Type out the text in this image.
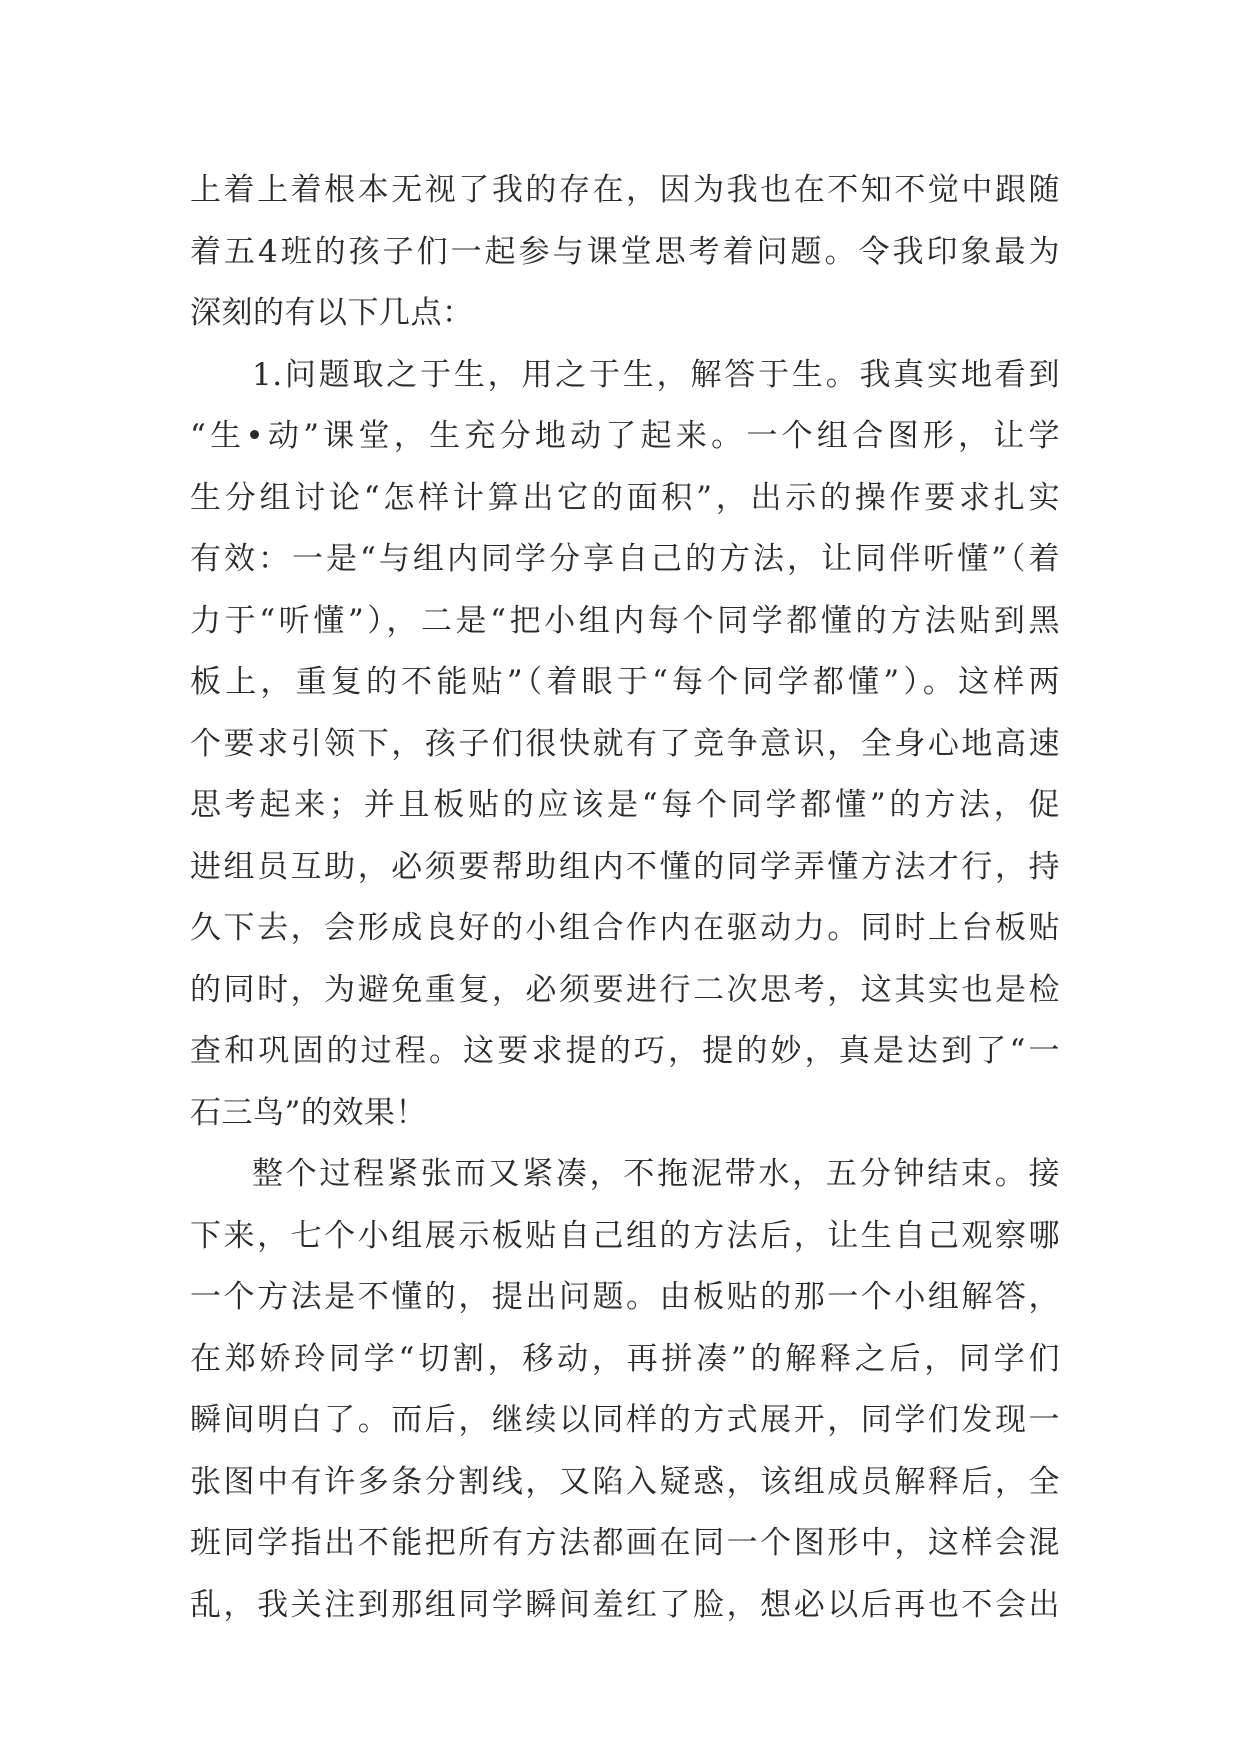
上着上着根本无视了我的存在，因为我也在不知不觉中跟随
着五4班的孩子们一起参与课堂思考着问题。令我印象最为
深刻的有以下几点：
1.问题取之于生，用之于生，解答于生。我真实地看到
“生•动”课堂，生充分地动了起来。一个组合图形，让学
生分组讨论“怎样计算出它的面积”，出示的操作要求扎实
有效：一是“与组内同学分享自己的方法，让同伴听懂”（着
力于“听懂”），二是“把小组内每个同学都懂的方法贴到黑
板上，重复的不能贴”（着眼于“每个同学都懂”）。这样两
个要求引领下，孩子们很快就有了竞争意识，全身心地高速
思考起来；并且板贴的应该是“每个同学都懂”的方法，促
进组员互助，必须要帮助组内不懂的同学弄懂方法才行，持
久下去，会形成良好的小组合作内在驱动力。同时上台板贴
的同时，为避免重复，必须要进行二次思考，这其实也是检
查和巩固的过程。这要求提的巧，提的妙，真是达到了“一
石三鸟”的效果！
整个过程紧张而又紧凑，不拖泥带水，五分钟结束。接
下来，七个小组展示板贴自己组的方法后，让生自己观察哪
一个方法是不懂的，提出问题。由板贴的那一个小组解答，
在郑娇玲同学“切割，移动，再拼凑”的解释之后，同学们
瞬间明白了。而后，继续以同样的方式展开，同学们发现一
张图中有许多条分割线，又陷入疑惑，该组成员解释后，全
班同学指出不能把所有方法都画在同一个图形中，这样会混
乱，我关注到那组同学瞬间羞红了脸，想必以后再也不会出
